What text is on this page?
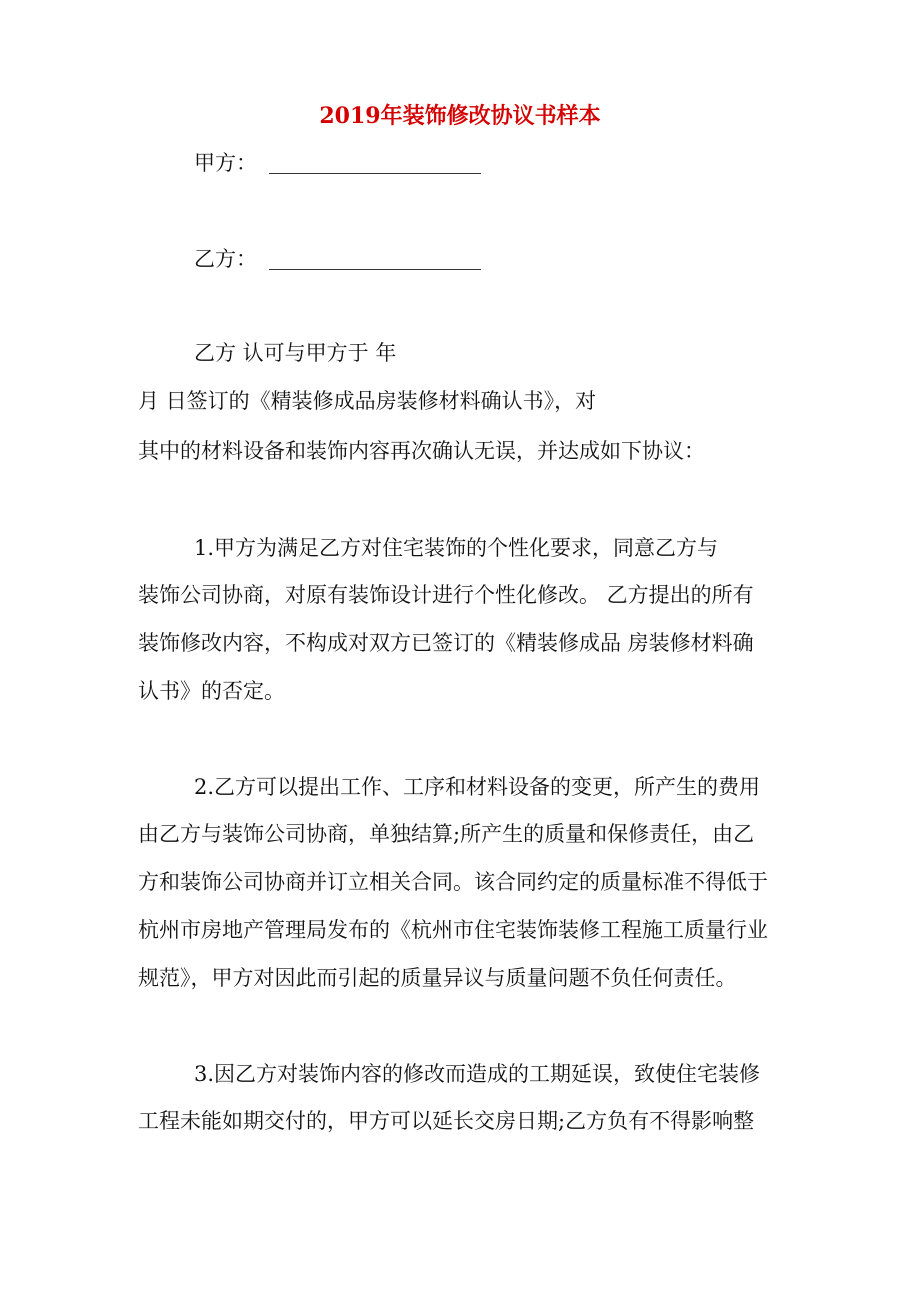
2019年装饰修改协议书样本
甲方：
乙方：
乙方 认可与甲方于 年
月 日签订的《精装修成品房装修材料确认书》，对
其中的材料设备和装饰内容再次确认无误，并达成如下协议：
1.甲方为满足乙方对住宅装饰的个性化要求，同意乙方与
装饰公司协商，对原有装饰设计进行个性化修改。 乙方提出的所有
装饰修改内容，不构成对双方已签订的《精装修成品 房装修材料确
认书》的否定。
2.乙方可以提出工作、工序和材料设备的变更，所产生的费用
由乙方与装饰公司协商，单独结算;所产生的质量和保修责任，由乙
方和装饰公司协商并订立相关合同。该合同约定的质量标准不得低于
杭州市房地产管理局发布的《杭州市住宅装饰装修工程施工质量行业
规范》，甲方对因此而引起的质量异议与质量问题不负任何责任。
3.因乙方对装饰内容的修改而造成的工期延误，致使住宅装修
工程未能如期交付的，甲方可以延长交房日期;乙方负有不得影响整
